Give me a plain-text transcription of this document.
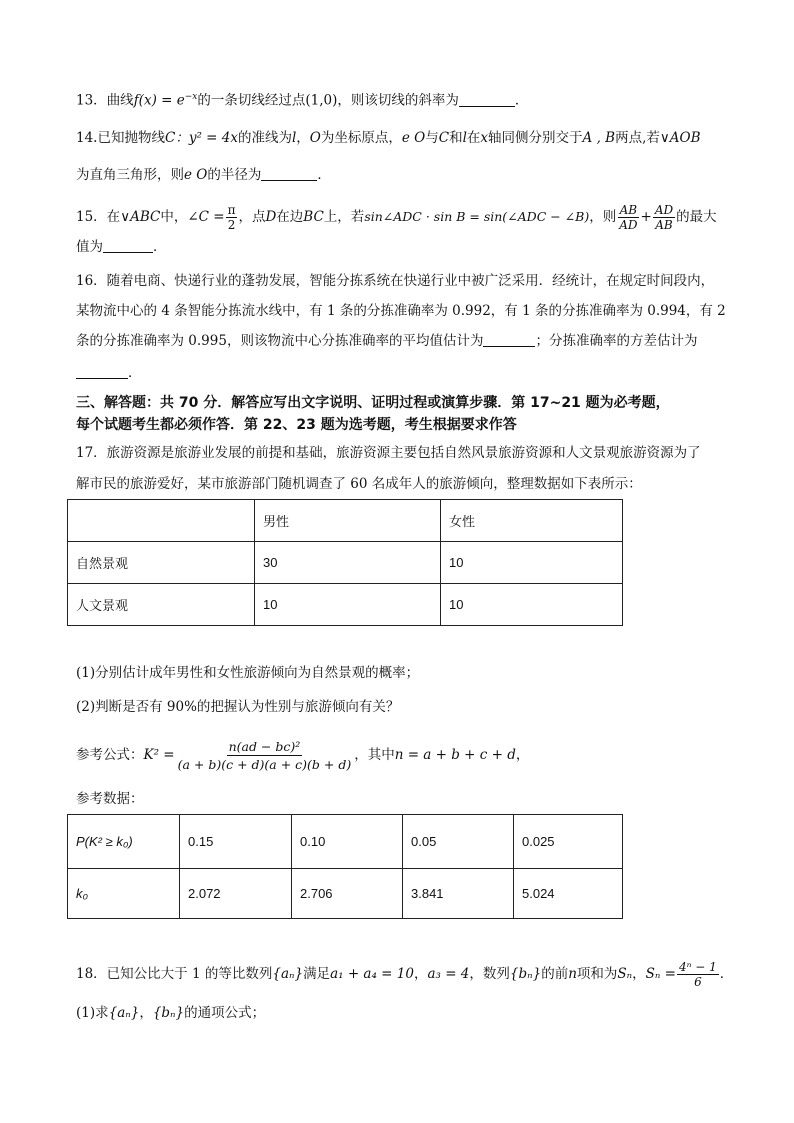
13．曲线$f(x) = e^{-x}$的一条切线经过点(1,0)，则该切线的斜率为	．
14.已知抛物线C：y² = 4x的准线为l，O为坐标原点，e O与C和l在x轴同侧分别交于A , B两点,若∨AOB
为直角三角形，则e O的半径为	．
15．在∨ABC中，∠C = $\frac{\pi}{2}$ ，点D在边BC上，若sin∠ADC · sin B = sin(∠ADC − ∠B)，则 $\frac{AB}{AD} + \frac{AD}{AB}$ 的最大
值为	．
16．随着电商、快递行业的蓬勃发展，智能分拣系统在快递行业中被广泛采用．经统计，在规定时间段内，
某物流中心的 4 条智能分拣流水线中，有 1 条的分拣准确率为 0.992，有 1 条的分拣准确率为 0.994，有 2
条的分拣准确率为 0.995，则该物流中心分拣准确率的平均值估计为	；分拣准确率的方差估计为
．
三、解答题：共 70 分．解答应写出文字说明、证明过程或演算步骤．第 17~21 题为必考题，
每个试题考生都必须作答．第 22、23 题为选考题，考生根据要求作答
17．旅游资源是旅游业发展的前提和基础，旅游资源主要包括自然风景旅游资源和人文景观旅游资源为了
解市民的旅游爱好，某市旅游部门随机调查了 60 名成年人的旅游倾向，整理数据如下表所示：
	男性	女性
自然景观	30	10
人文景观	10	10
(1)分别估计成年男性和女性旅游倾向为自然景观的概率；
(2)判断是否有 90%的把握认为性别与旅游倾向有关？
参考公式：$K^2 = \frac{\text{n(ad − bc)²}}{(a + b)(c + d)(a + c)(b + d)}$ ，其中n = a + b + c + d，
参考数据：
P(K² ≥ k₀)	0.15	0.10	0.05	0.025
k₀	2.072	2.706	3.841	5.024
18．已知公比大于 1 的等比数列{aₙ}满足a₁ + a₄ = 10，a₃ = 4，数列{bₙ}的前n项和为Sₙ，$S_n = \frac{\text{4ⁿ − 1}}{6}$ ．
(1)求{aₙ}，{bₙ}的通项公式；
